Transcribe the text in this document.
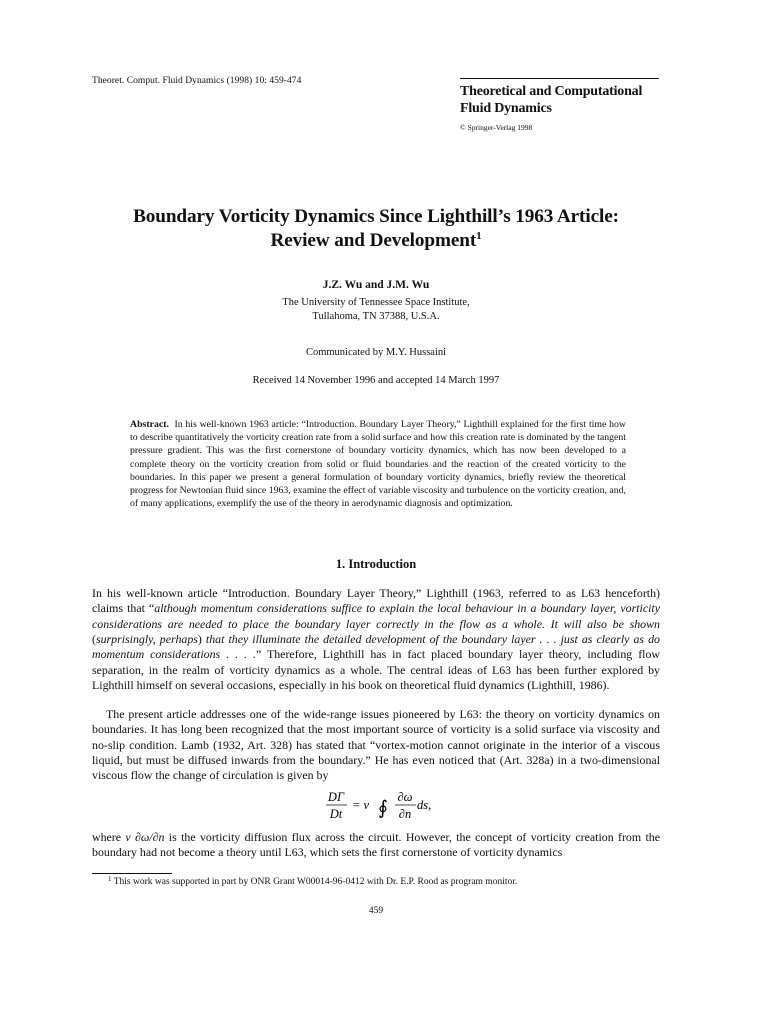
Theoret. Comput. Fluid Dynamics (1998) 10: 459-474
Theoretical and Computational
Fluid Dynamics
© Springer-Verlag 1998
Boundary Vorticity Dynamics Since Lighthill’s 1963 Article:
Review and Development$^1$
J.Z. Wu and J.M. Wu
The University of Tennessee Space Institute,
Tullahoma, TN 37388, U.S.A.
Communicated by M.Y. Hussaini
Received 14 November 1996 and accepted 14 March 1997
Abstract. In his well-known 1963 article: “Introduction. Boundary Layer Theory,” Lighthill explained for the first time how to describe quantitatively the vorticity creation rate from a solid surface and how this creation rate is dominated by the tangent pressure gradient. This was the first cornerstone of boundary vorticity dynamics, which has now been developed to a complete theory on the vorticity creation from solid or fluid boundaries and the reaction of the created vorticity to the boundaries. In this paper we present a general formulation of boundary vorticity dynamics, briefly review the theoretical progress for Newtonian fluid since 1963, examine the effect of variable viscosity and turbulence on the vorticity creation, and, of many applications, exemplify the use of the theory in aerodynamic diagnosis and optimization.
1. Introduction
In his well-known article “Introduction. Boundary Layer Theory,” Lighthill (1963, referred to as L63 henceforth) claims that “although momentum considerations suffice to explain the local behaviour in a boundary layer, vorticity considerations are needed to place the boundary layer correctly in the flow as a whole. It will also be shown (surprisingly, perhaps) that they illuminate the detailed development of the boundary layer . . . just as clearly as do momentum considerations . . . .” Therefore, Lighthill has in fact placed boundary layer theory, including flow separation, in the realm of vorticity dynamics as a whole. The central ideas of L63 has been further explored by Lighthill himself on several occasions, especially in his book on theoretical fluid dynamics (Lighthill, 1986).
The present article addresses one of the wide-range issues pioneered by L63: the theory on vorticity dynamics on boundaries. It has long been recognized that the most important source of vorticity is a solid surface via viscosity and no-slip condition. Lamb (1932, Art. 328) has stated that “vortex-motion cannot originate in the interior of a viscous liquid, but must be diffused inwards from the boundary.” He has even noticed that (Art. 328a) in a two-dimensional viscous flow the change of circulation is given by
DΓ
Dt
= ν ∮ ∂ω
∂n
ds,
where ν ∂ω/∂n is the vorticity diffusion flux across the circuit. However, the concept of vorticity creation from the boundary had not become a theory until L63, which sets the first cornerstone of vorticity dynamics
$^1$ This work was supported in part by ONR Grant W00014-96-0412 with Dr. E.P. Rood as program monitor.
459
